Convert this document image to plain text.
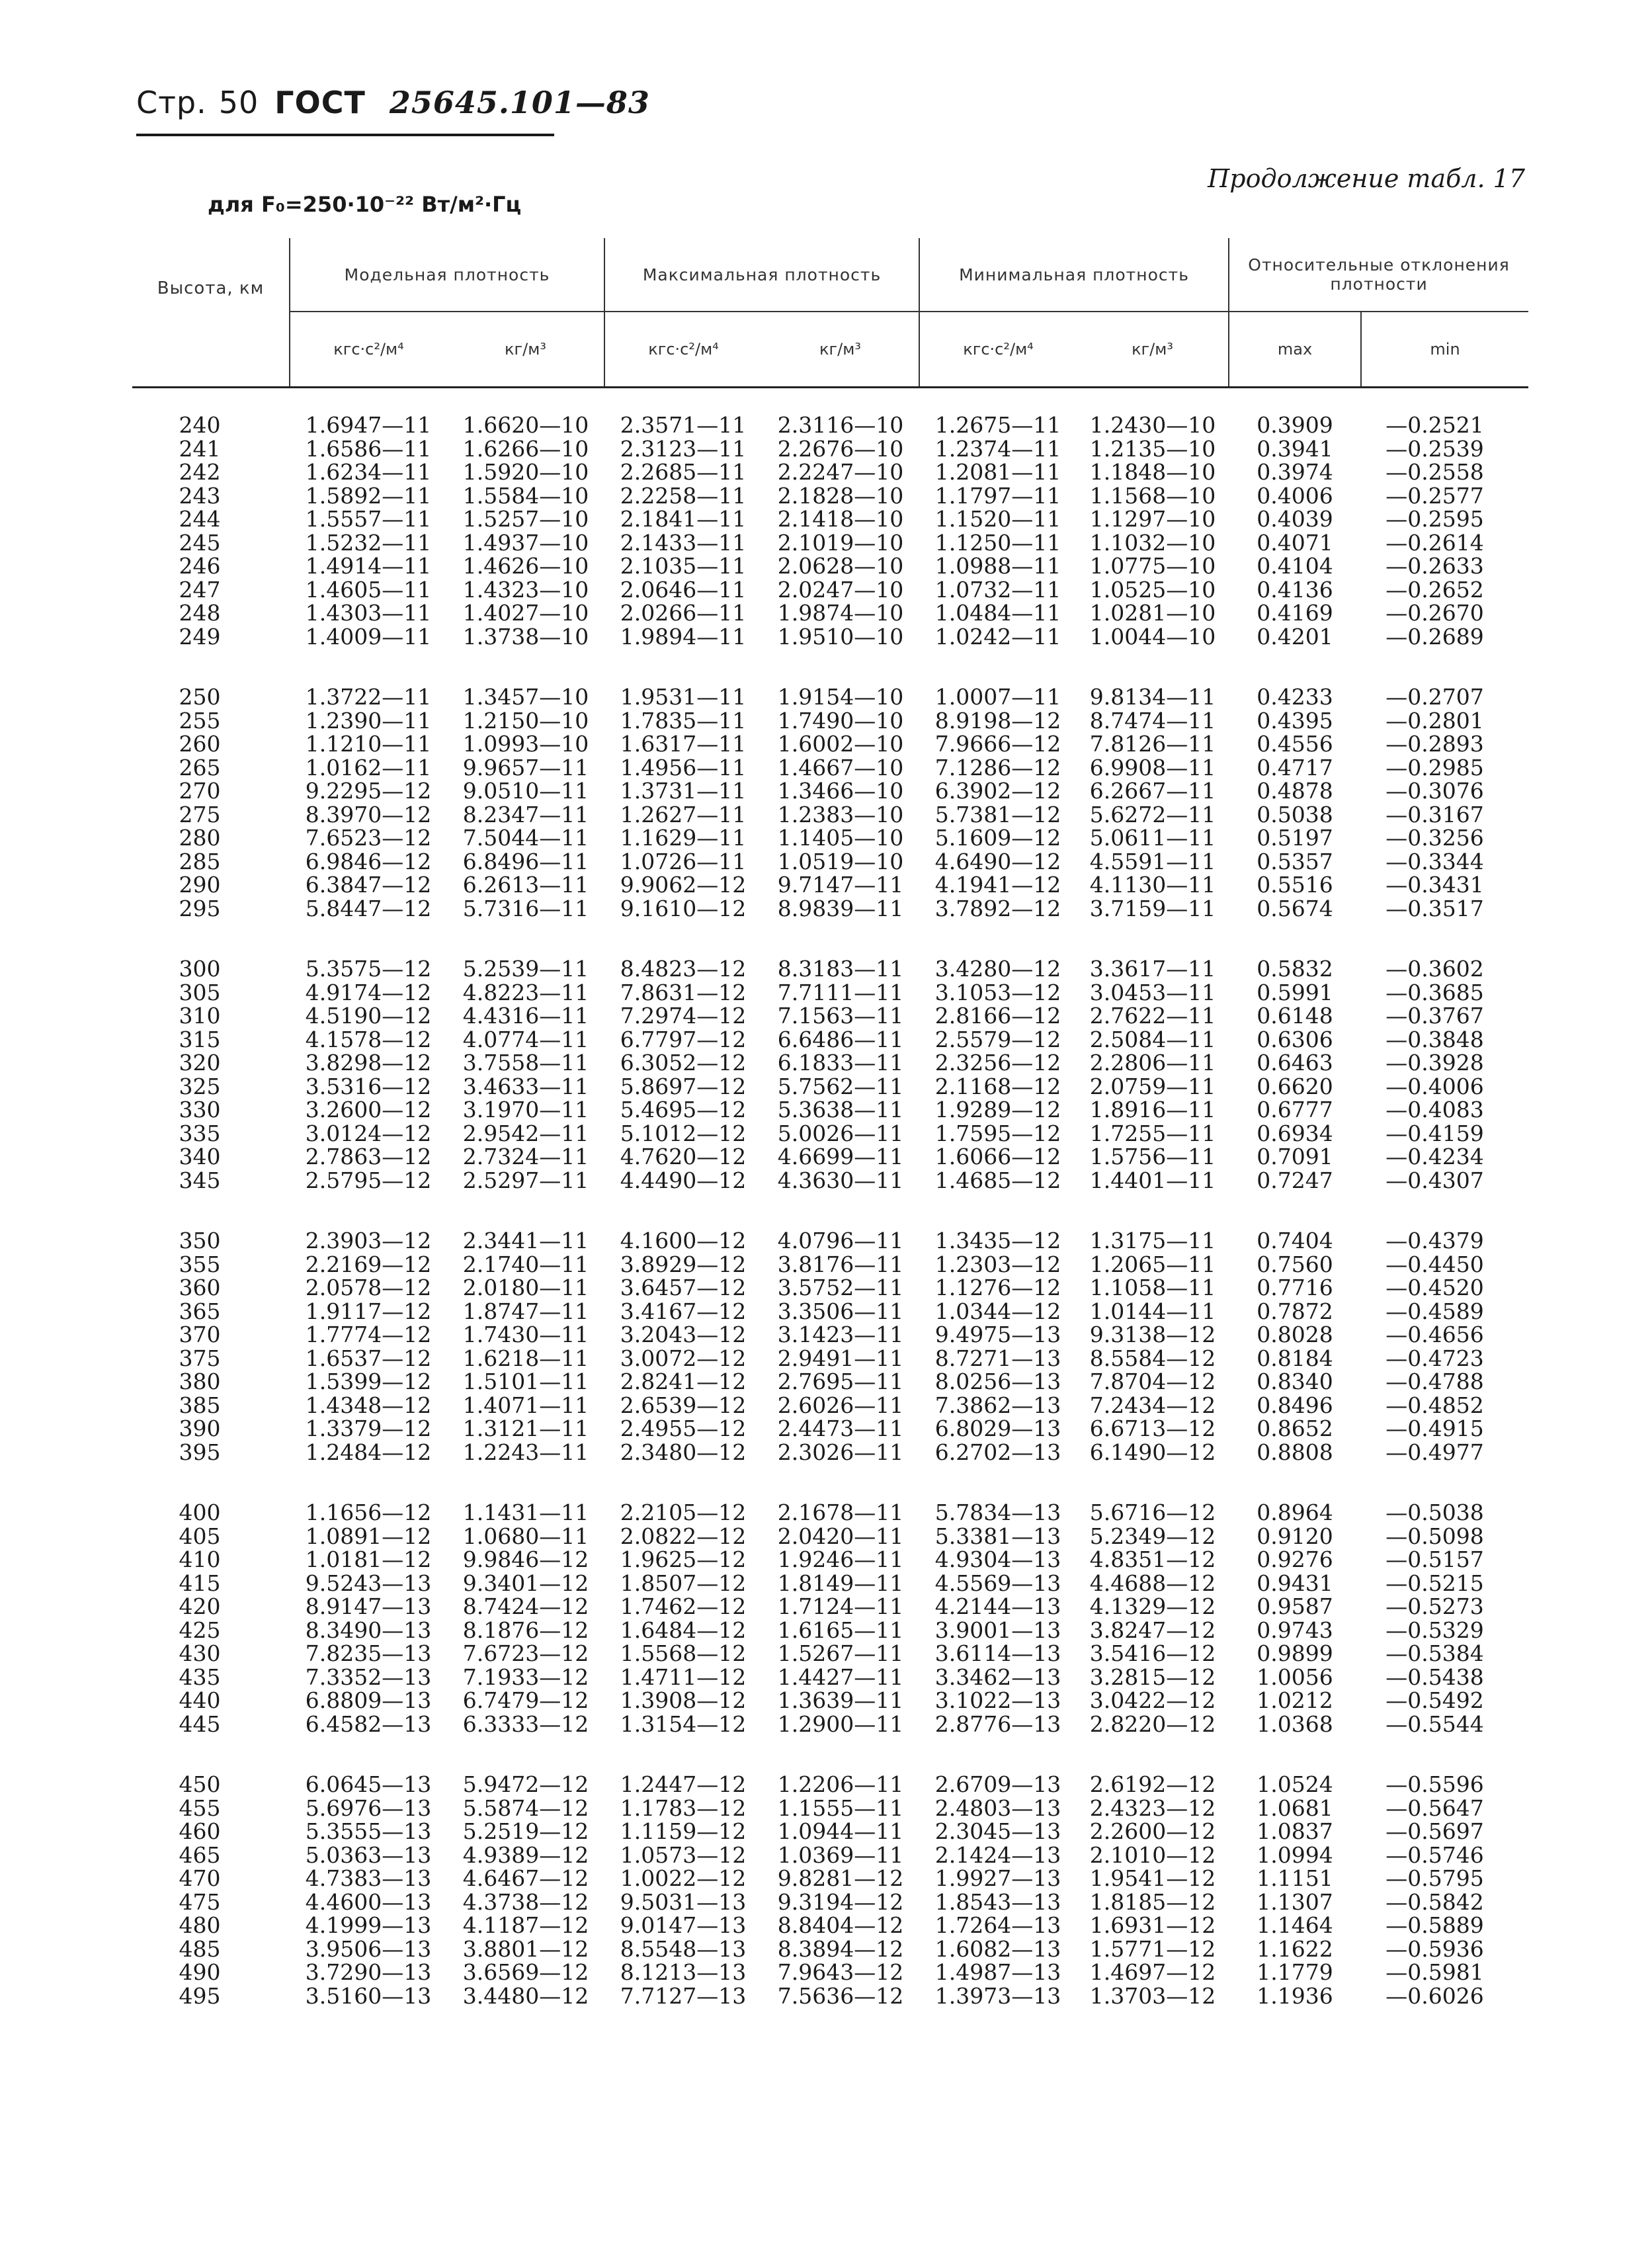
Стр. 50 ГОСТ 25645.101—83
Продолжение табл. 17
для F₀=250·10⁻²² Вт/м²·Гц
Высота, км	Модельная плотность		Максимальная плотность		Минимальная плотность		Относительные отклонения плотности	
	кгс·с²/м⁴	кг/м³	кгс·с²/м⁴	кг/м³	кгс·с²/м⁴	кг/м³	max	min
240	1.6947—11	1.6620—10	2.3571—11	2.3116—10	1.2675—11	1.2430—10	0.3909	—0.2521
241	1.6586—11	1.6266—10	2.3123—11	2.2676—10	1.2374—11	1.2135—10	0.3941	—0.2539
242	1.6234—11	1.5920—10	2.2685—11	2.2247—10	1.2081—11	1.1848—10	0.3974	—0.2558
243	1.5892—11	1.5584—10	2.2258—11	2.1828—10	1.1797—11	1.1568—10	0.4006	—0.2577
244	1.5557—11	1.5257—10	2.1841—11	2.1418—10	1.1520—11	1.1297—10	0.4039	—0.2595
245	1.5232—11	1.4937—10	2.1433—11	2.1019—10	1.1250—11	1.1032—10	0.4071	—0.2614
246	1.4914—11	1.4626—10	2.1035—11	2.0628—10	1.0988—11	1.0775—10	0.4104	—0.2633
247	1.4605—11	1.4323—10	2.0646—11	2.0247—10	1.0732—11	1.0525—10	0.4136	—0.2652
248	1.4303—11	1.4027—10	2.0266—11	1.9874—10	1.0484—11	1.0281—10	0.4169	—0.2670
249	1.4009—11	1.3738—10	1.9894—11	1.9510—10	1.0242—11	1.0044—10	0.4201	—0.2689
250	1.3722—11	1.3457—10	1.9531—11	1.9154—10	1.0007—11	9.8134—11	0.4233	—0.2707
255	1.2390—11	1.2150—10	1.7835—11	1.7490—10	8.9198—12	8.7474—11	0.4395	—0.2801
260	1.1210—11	1.0993—10	1.6317—11	1.6002—10	7.9666—12	7.8126—11	0.4556	—0.2893
265	1.0162—11	9.9657—11	1.4956—11	1.4667—10	7.1286—12	6.9908—11	0.4717	—0.2985
270	9.2295—12	9.0510—11	1.3731—11	1.3466—10	6.3902—12	6.2667—11	0.4878	—0.3076
275	8.3970—12	8.2347—11	1.2627—11	1.2383—10	5.7381—12	5.6272—11	0.5038	—0.3167
280	7.6523—12	7.5044—11	1.1629—11	1.1405—10	5.1609—12	5.0611—11	0.5197	—0.3256
285	6.9846—12	6.8496—11	1.0726—11	1.0519—10	4.6490—12	4.5591—11	0.5357	—0.3344
290	6.3847—12	6.2613—11	9.9062—12	9.7147—11	4.1941—12	4.1130—11	0.5516	—0.3431
295	5.8447—12	5.7316—11	9.1610—12	8.9839—11	3.7892—12	3.7159—11	0.5674	—0.3517
300	5.3575—12	5.2539—11	8.4823—12	8.3183—11	3.4280—12	3.3617—11	0.5832	—0.3602
305	4.9174—12	4.8223—11	7.8631—12	7.7111—11	3.1053—12	3.0453—11	0.5991	—0.3685
310	4.5190—12	4.4316—11	7.2974—12	7.1563—11	2.8166—12	2.7622—11	0.6148	—0.3767
315	4.1578—12	4.0774—11	6.7797—12	6.6486—11	2.5579—12	2.5084—11	0.6306	—0.3848
320	3.8298—12	3.7558—11	6.3052—12	6.1833—11	2.3256—12	2.2806—11	0.6463	—0.3928
325	3.5316—12	3.4633—11	5.8697—12	5.7562—11	2.1168—12	2.0759—11	0.6620	—0.4006
330	3.2600—12	3.1970—11	5.4695—12	5.3638—11	1.9289—12	1.8916—11	0.6777	—0.4083
335	3.0124—12	2.9542—11	5.1012—12	5.0026—11	1.7595—12	1.7255—11	0.6934	—0.4159
340	2.7863—12	2.7324—11	4.7620—12	4.6699—11	1.6066—12	1.5756—11	0.7091	—0.4234
345	2.5795—12	2.5297—11	4.4490—12	4.3630—11	1.4685—12	1.4401—11	0.7247	—0.4307
350	2.3903—12	2.3441—11	4.1600—12	4.0796—11	1.3435—12	1.3175—11	0.7404	—0.4379
355	2.2169—12	2.1740—11	3.8929—12	3.8176—11	1.2303—12	1.2065—11	0.7560	—0.4450
360	2.0578—12	2.0180—11	3.6457—12	3.5752—11	1.1276—12	1.1058—11	0.7716	—0.4520
365	1.9117—12	1.8747—11	3.4167—12	3.3506—11	1.0344—12	1.0144—11	0.7872	—0.4589
370	1.7774—12	1.7430—11	3.2043—12	3.1423—11	9.4975—13	9.3138—12	0.8028	—0.4656
375	1.6537—12	1.6218—11	3.0072—12	2.9491—11	8.7271—13	8.5584—12	0.8184	—0.4723
380	1.5399—12	1.5101—11	2.8241—12	2.7695—11	8.0256—13	7.8704—12	0.8340	—0.4788
385	1.4348—12	1.4071—11	2.6539—12	2.6026—11	7.3862—13	7.2434—12	0.8496	—0.4852
390	1.3379—12	1.3121—11	2.4955—12	2.4473—11	6.8029—13	6.6713—12	0.8652	—0.4915
395	1.2484—12	1.2243—11	2.3480—12	2.3026—11	6.2702—13	6.1490—12	0.8808	—0.4977
400	1.1656—12	1.1431—11	2.2105—12	2.1678—11	5.7834—13	5.6716—12	0.8964	—0.5038
405	1.0891—12	1.0680—11	2.0822—12	2.0420—11	5.3381—13	5.2349—12	0.9120	—0.5098
410	1.0181—12	9.9846—12	1.9625—12	1.9246—11	4.9304—13	4.8351—12	0.9276	—0.5157
415	9.5243—13	9.3401—12	1.8507—12	1.8149—11	4.5569—13	4.4688—12	0.9431	—0.5215
420	8.9147—13	8.7424—12	1.7462—12	1.7124—11	4.2144—13	4.1329—12	0.9587	—0.5273
425	8.3490—13	8.1876—12	1.6484—12	1.6165—11	3.9001—13	3.8247—12	0.9743	—0.5329
430	7.8235—13	7.6723—12	1.5568—12	1.5267—11	3.6114—13	3.5416—12	0.9899	—0.5384
435	7.3352—13	7.1933—12	1.4711—12	1.4427—11	3.3462—13	3.2815—12	1.0056	—0.5438
440	6.8809—13	6.7479—12	1.3908—12	1.3639—11	3.1022—13	3.0422—12	1.0212	—0.5492
445	6.4582—13	6.3333—12	1.3154—12	1.2900—11	2.8776—13	2.8220—12	1.0368	—0.5544
450	6.0645—13	5.9472—12	1.2447—12	1.2206—11	2.6709—13	2.6192—12	1.0524	—0.5596
455	5.6976—13	5.5874—12	1.1783—12	1.1555—11	2.4803—13	2.4323—12	1.0681	—0.5647
460	5.3555—13	5.2519—12	1.1159—12	1.0944—11	2.3045—13	2.2600—12	1.0837	—0.5697
465	5.0363—13	4.9389—12	1.0573—12	1.0369—11	2.1424—13	2.1010—12	1.0994	—0.5746
470	4.7383—13	4.6467—12	1.0022—12	9.8281—12	1.9927—13	1.9541—12	1.1151	—0.5795
475	4.4600—13	4.3738—12	9.5031—13	9.3194—12	1.8543—13	1.8185—12	1.1307	—0.5842
480	4.1999—13	4.1187—12	9.0147—13	8.8404—12	1.7264—13	1.6931—12	1.1464	—0.5889
485	3.9506—13	3.8801—12	8.5548—13	8.3894—12	1.6082—13	1.5771—12	1.1622	—0.5936
490	3.7290—13	3.6569—12	8.1213—13	7.9643—12	1.4987—13	1.4697—12	1.1779	—0.5981
495	3.5160—13	3.4480—12	7.7127—13	7.5636—12	1.3973—13	1.3703—12	1.1936	—0.6026
